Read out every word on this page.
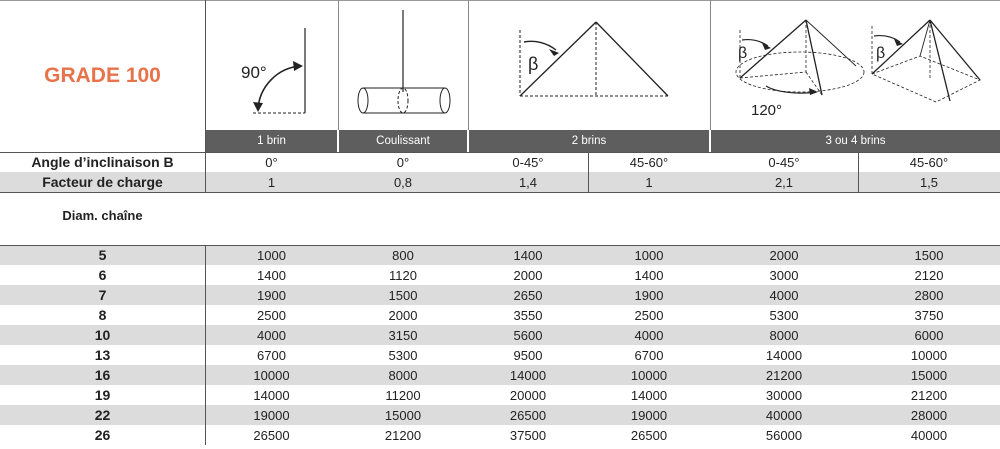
GRADE 100	90°	β
β
120°
β
1 brin	Coulissant	2 brins	3 ou 4 brins
Angle d’inclinaison B	0°	0°	0-45°	45-60°	0-45°	45-60°
Facteur de charge	1	0,8	1,4	1	2,1	1,5
Diam. chaîne
5	1000	800	1400	1000	2000	1500
6	1400	1120	2000	1400	3000	2120
7	1900	1500	2650	1900	4000	2800
8	2500	2000	3550	2500	5300	3750
10	4000	3150	5600	4000	8000	6000
13	6700	5300	9500	6700	14000	10000
16	10000	8000	14000	10000	21200	15000
19	14000	11200	20000	14000	30000	21200
22	19000	15000	26500	19000	40000	28000
26	26500	21200	37500	26500	56000	40000
